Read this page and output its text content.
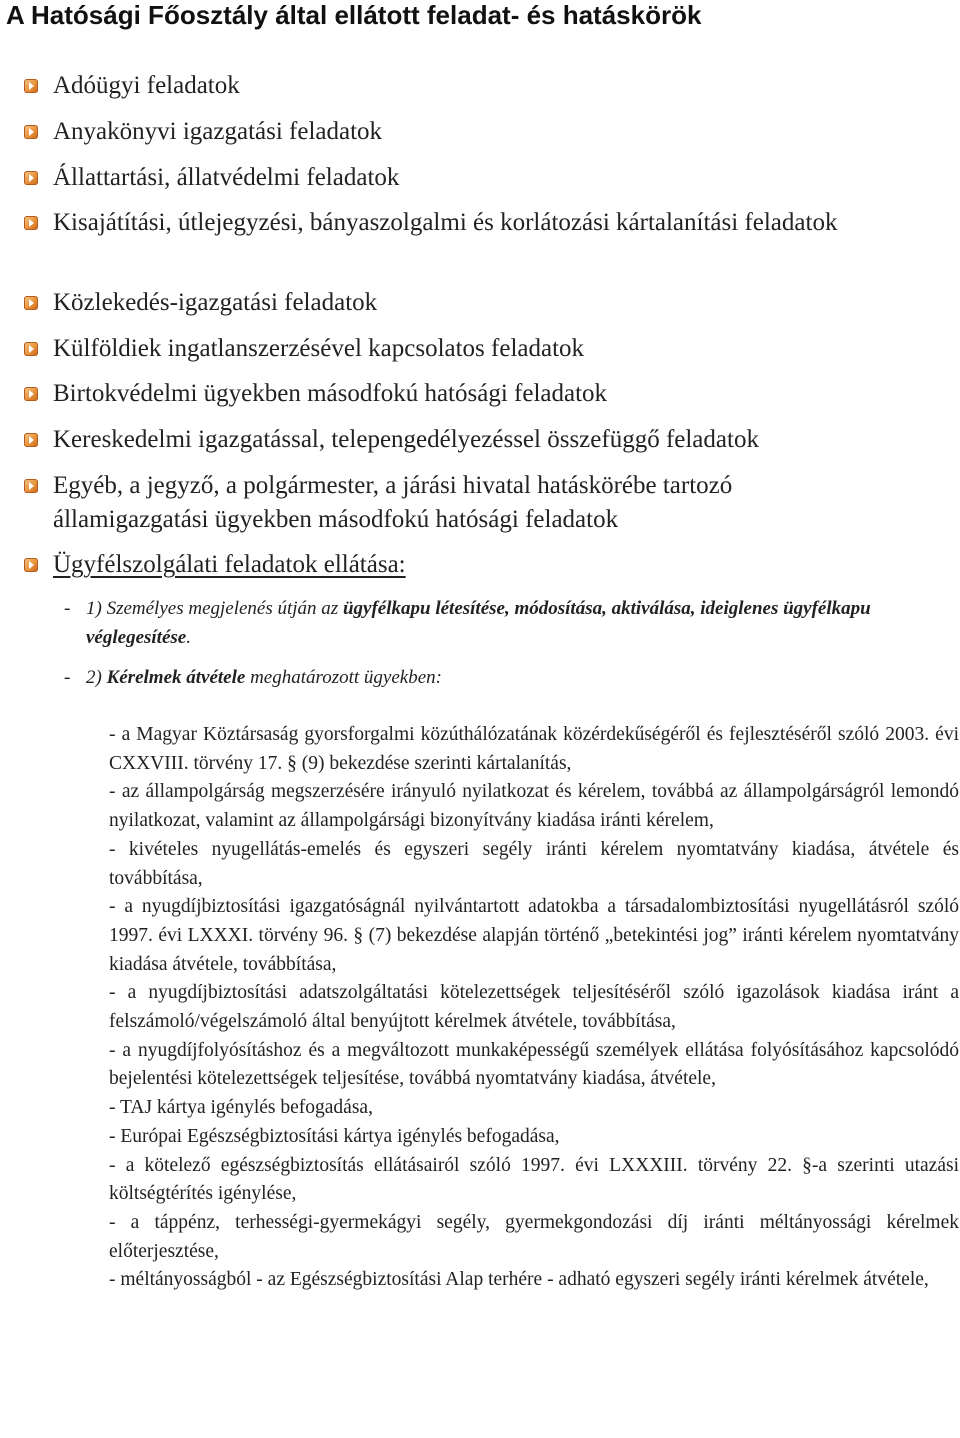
A Hatósági Főosztály által ellátott feladat- és hatáskörök
Adóügyi feladatok
Anyakönyvi igazgatási feladatok
Állattartási, állatvédelmi feladatok
Kisajátítási, útlejegyzési, bányaszolgalmi és korlátozási kártalanítási feladatok
Közlekedés-igazgatási feladatok
Külföldiek ingatlanszerzésével kapcsolatos feladatok
Birtokvédelmi ügyekben másodfokú hatósági feladatok
Kereskedelmi igazgatással, telepengedélyezéssel összefüggő feladatok
Egyéb, a jegyző, a polgármester, a járási hivatal hatáskörébe tartozó államigazgatási ügyekben másodfokú hatósági feladatok
Ügyfélszolgálati feladatok ellátása:
- 1) Személyes megjelenés útján az ügyfélkapu létesítése, módosítása, aktiválása, ideiglenes ügyfélkapu véglegesítése.
- 2) Kérelmek átvétele meghatározott ügyekben:
- a Magyar Köztársaság gyorsforgalmi közúthálózatának közérdekűségéről és fejlesztéséről szóló 2003. évi CXXVIII. törvény 17. § (9) bekezdése szerinti kártalanítás,
- az állampolgárság megszerzésére irányuló nyilatkozat és kérelem, továbbá az állampolgárságról lemondó nyilatkozat, valamint az állampolgársági bizonyítvány kiadása iránti kérelem,
- kivételes nyugellátás-emelés és egyszeri segély iránti kérelem nyomtatvány kiadása, átvétele és továbbítása,
- a nyugdíjbiztosítási igazgatóságnál nyilvántartott adatokba a társadalombiztosítási nyugellátásról szóló 1997. évi LXXXI. törvény 96. § (7) bekezdése alapján történő „betekintési jog” iránti kérelem nyomtatvány kiadása átvétele, továbbítása,
- a nyugdíjbiztosítási adatszolgáltatási kötelezettségek teljesítéséről szóló igazolások kiadása iránt a felszámoló/végelszámoló által benyújtott kérelmek átvétele, továbbítása,
- a nyugdíjfolyósításhoz és a megváltozott munkaképességű személyek ellátása folyósításához kapcsolódó bejelentési kötelezettségek teljesítése, továbbá nyomtatvány kiadása, átvétele,
- TAJ kártya igénylés befogadása,
- Európai Egészségbiztosítási kártya igénylés befogadása,
- a kötelező egészségbiztosítás ellátásairól szóló 1997. évi LXXXIII. törvény 22. §-a szerinti utazási költségtérítés igénylése,
- a táppénz, terhességi-gyermekágyi segély, gyermekgondozási díj iránti méltányossági kérelmek előterjesztése,
- méltányosságból - az Egészségbiztosítási Alap terhére - adható egyszeri segély iránti kérelmek átvétele,
